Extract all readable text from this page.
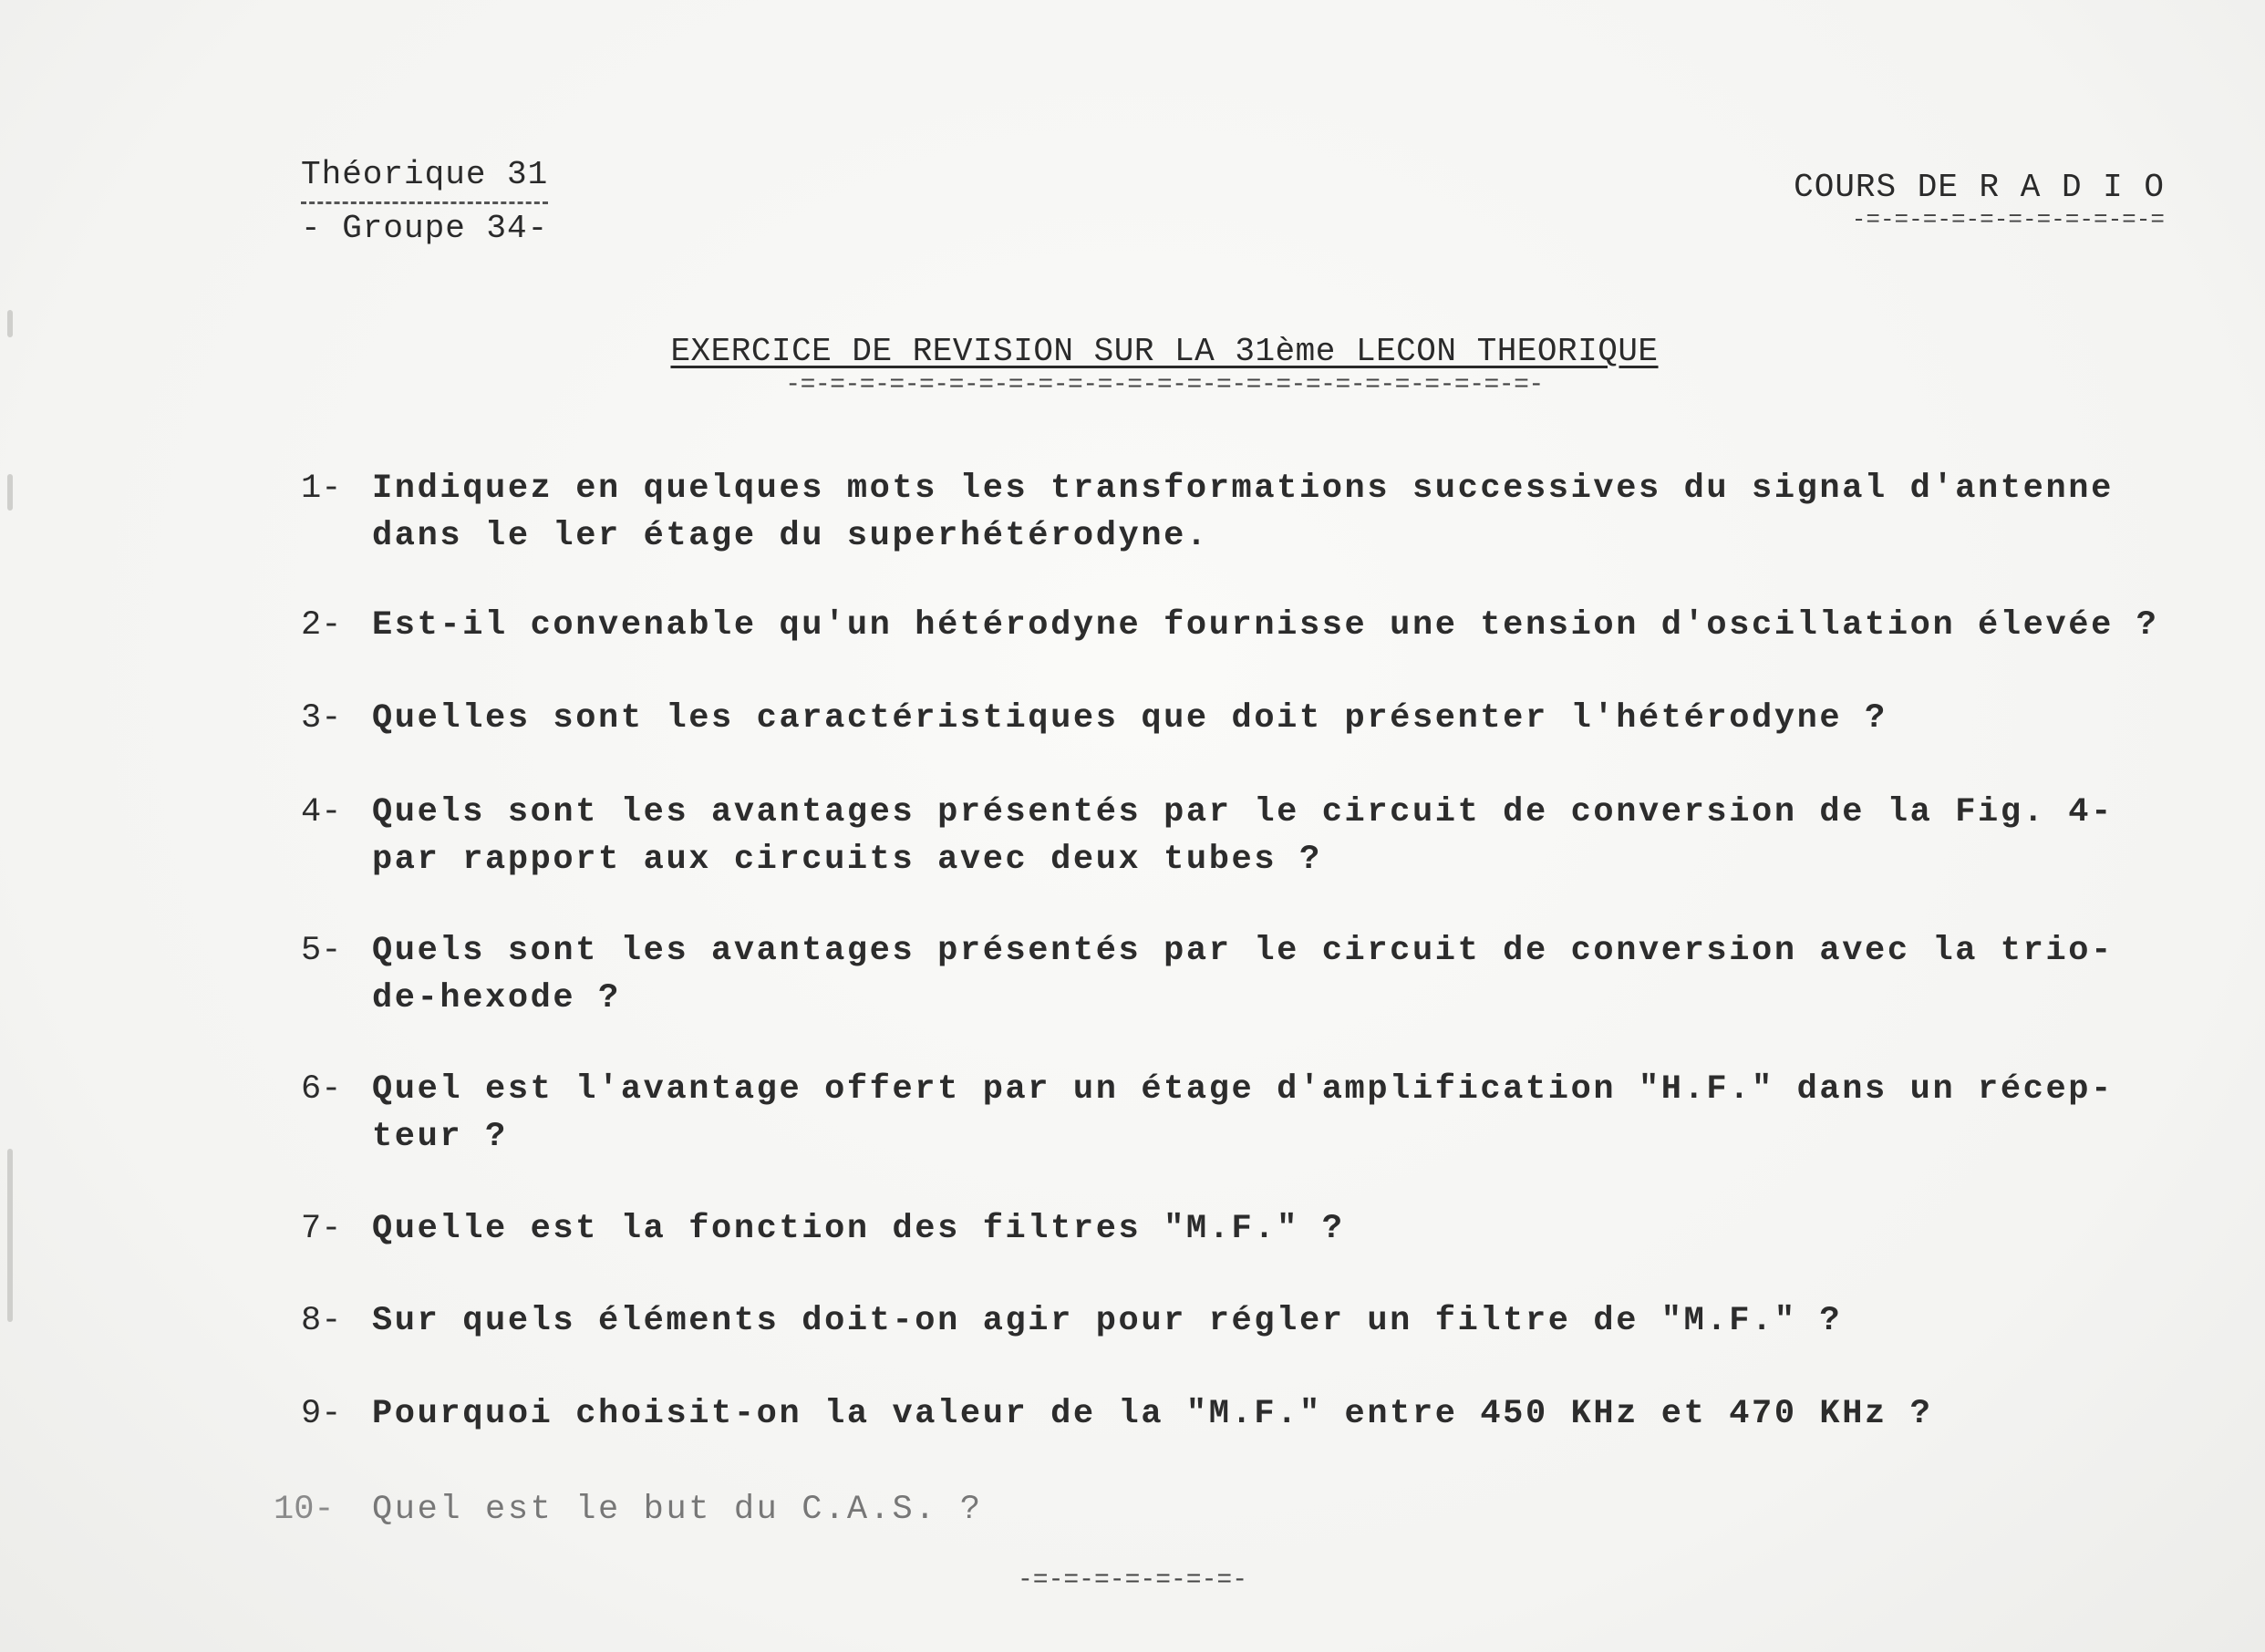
Théorique 31
- Groupe 34-
COURS DE R A D I O
-=-=-=-=-=-=-=-=-=-=-=
EXERCICE DE REVISION SUR LA 31ème LECON THEORIQUE
-=-=-=-=-=-=-=-=-=-=-=-=-=-=-=-=-=-=-=-=-=-=-=-=-=-
1- Indiquez en quelques mots les transformations successives du signal d'antenne
dans le ler étage du superhétérodyne.
2- Est-il convenable qu'un hétérodyne fournisse une tension d'oscillation élevée ?
3- Quelles sont les caractéristiques que doit présenter l'hétérodyne ?
4- Quels sont les avantages présentés par le circuit de conversion de la Fig. 4-
par rapport aux circuits avec deux tubes ?
5- Quels sont les avantages présentés par le circuit de conversion avec la trio-
de-hexode ?
6- Quel est l'avantage offert par un étage d'amplification "H.F." dans un récep-
teur ?
7- Quelle est la fonction des filtres "M.F." ?
8- Sur quels éléments doit-on agir pour régler un filtre de "M.F." ?
9- Pourquoi choisit-on la valeur de la "M.F." entre 450 KHz et 470 KHz ?
10-	Quel est le but du C.A.S. ?
-=-=-=-=-=-=-=-
